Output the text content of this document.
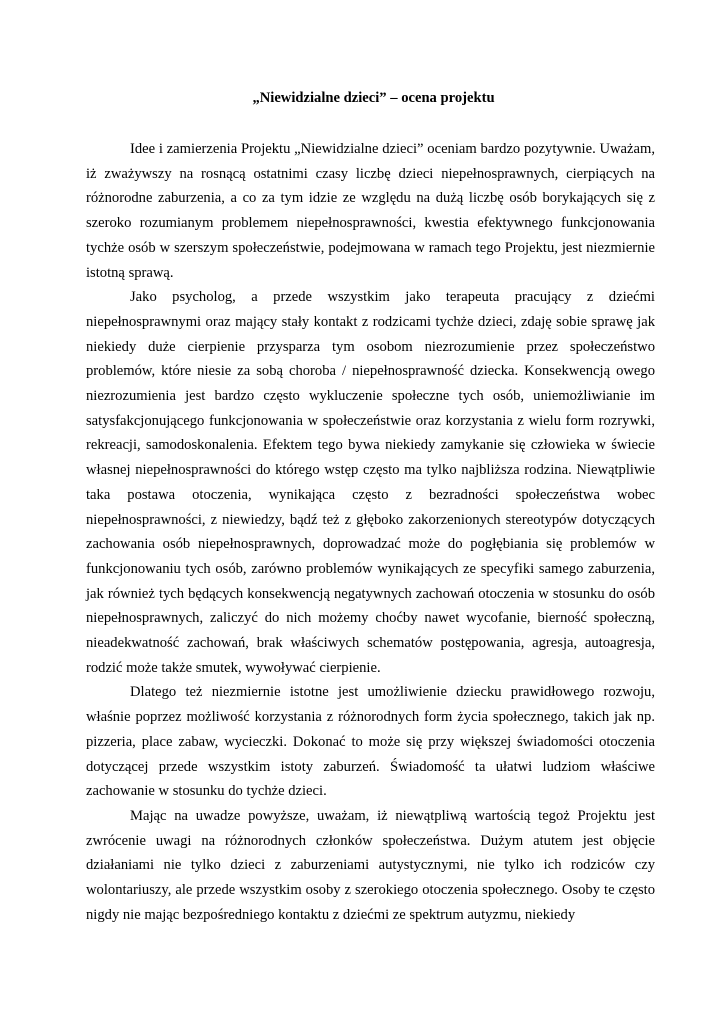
„Niewidzialne dzieci” – ocena projektu

Idee i zamierzenia Projektu „Niewidzialne dzieci” oceniam bardzo pozytywnie. Uważam, iż zważywszy na rosnącą ostatnimi czasy liczbę dzieci niepełnosprawnych, cierpiących na różnorodne zaburzenia, a co za tym idzie ze względu na dużą liczbę osób borykających się z szeroko rozumianym problemem niepełnosprawności, kwestia efektywnego funkcjonowania tychże osób w szerszym społeczeństwie, podejmowana w ramach tego Projektu, jest niezmiernie istotną sprawą.

Jako psycholog, a przede wszystkim jako terapeuta pracujący z dziećmi niepełnosprawnymi oraz mający stały kontakt z rodzicami tychże dzieci, zdaję sobie sprawę jak niekiedy duże cierpienie przysparza tym osobom niezrozumienie przez społeczeństwo problemów, które niesie za sobą choroba / niepełnosprawność dziecka. Konsekwencją owego niezrozumienia jest bardzo często wykluczenie społeczne tych osób, uniemożliwianie im satysfakcjonującego funkcjonowania w społeczeństwie oraz korzystania z wielu form rozrywki, rekreacji, samodoskonalenia. Efektem tego bywa niekiedy zamykanie się człowieka w świecie własnej niepełnosprawności do którego wstęp często ma tylko najbliższa rodzina. Niewątpliwie taka postawa otoczenia, wynikająca często z bezradności społeczeństwa wobec niepełnosprawności, z niewiedzy, bądź też z głęboko zakorzenionych stereotypów dotyczących zachowania osób niepełnosprawnych, doprowadzać może do pogłębiania się problemów w funkcjonowaniu tych osób, zarówno problemów wynikających ze specyfiki samego zaburzenia, jak również tych będących konsekwencją negatywnych zachowań otoczenia w stosunku do osób niepełnosprawnych, zaliczyć do nich możemy choćby nawet wycofanie, bierność społeczną, nieadekwatność zachowań, brak właściwych schematów postępowania, agresja, autoagresja, rodzić może także smutek, wywoływać cierpienie.

Dlatego też niezmiernie istotne jest umożliwienie dziecku prawidłowego rozwoju, właśnie poprzez możliwość korzystania z różnorodnych form życia społecznego, takich jak np. pizzeria, place zabaw, wycieczki. Dokonać to może się przy większej świadomości otoczenia dotyczącej przede wszystkim istoty zaburzeń. Świadomość ta ułatwi ludziom właściwe zachowanie w stosunku do tychże dzieci.

Mając na uwadze powyższe, uważam, iż niewątpliwą wartością tegoż Projektu jest zwrócenie uwagi na różnorodnych członków społeczeństwa. Dużym atutem jest objęcie działaniami nie tylko dzieci z zaburzeniami autystycznymi, nie tylko ich rodziców czy wolontariuszy, ale przede wszystkim osoby z szerokiego otoczenia społecznego. Osoby te często nigdy nie mając bezpośredniego kontaktu z dziećmi ze spektrum autyzmu, niekiedy
